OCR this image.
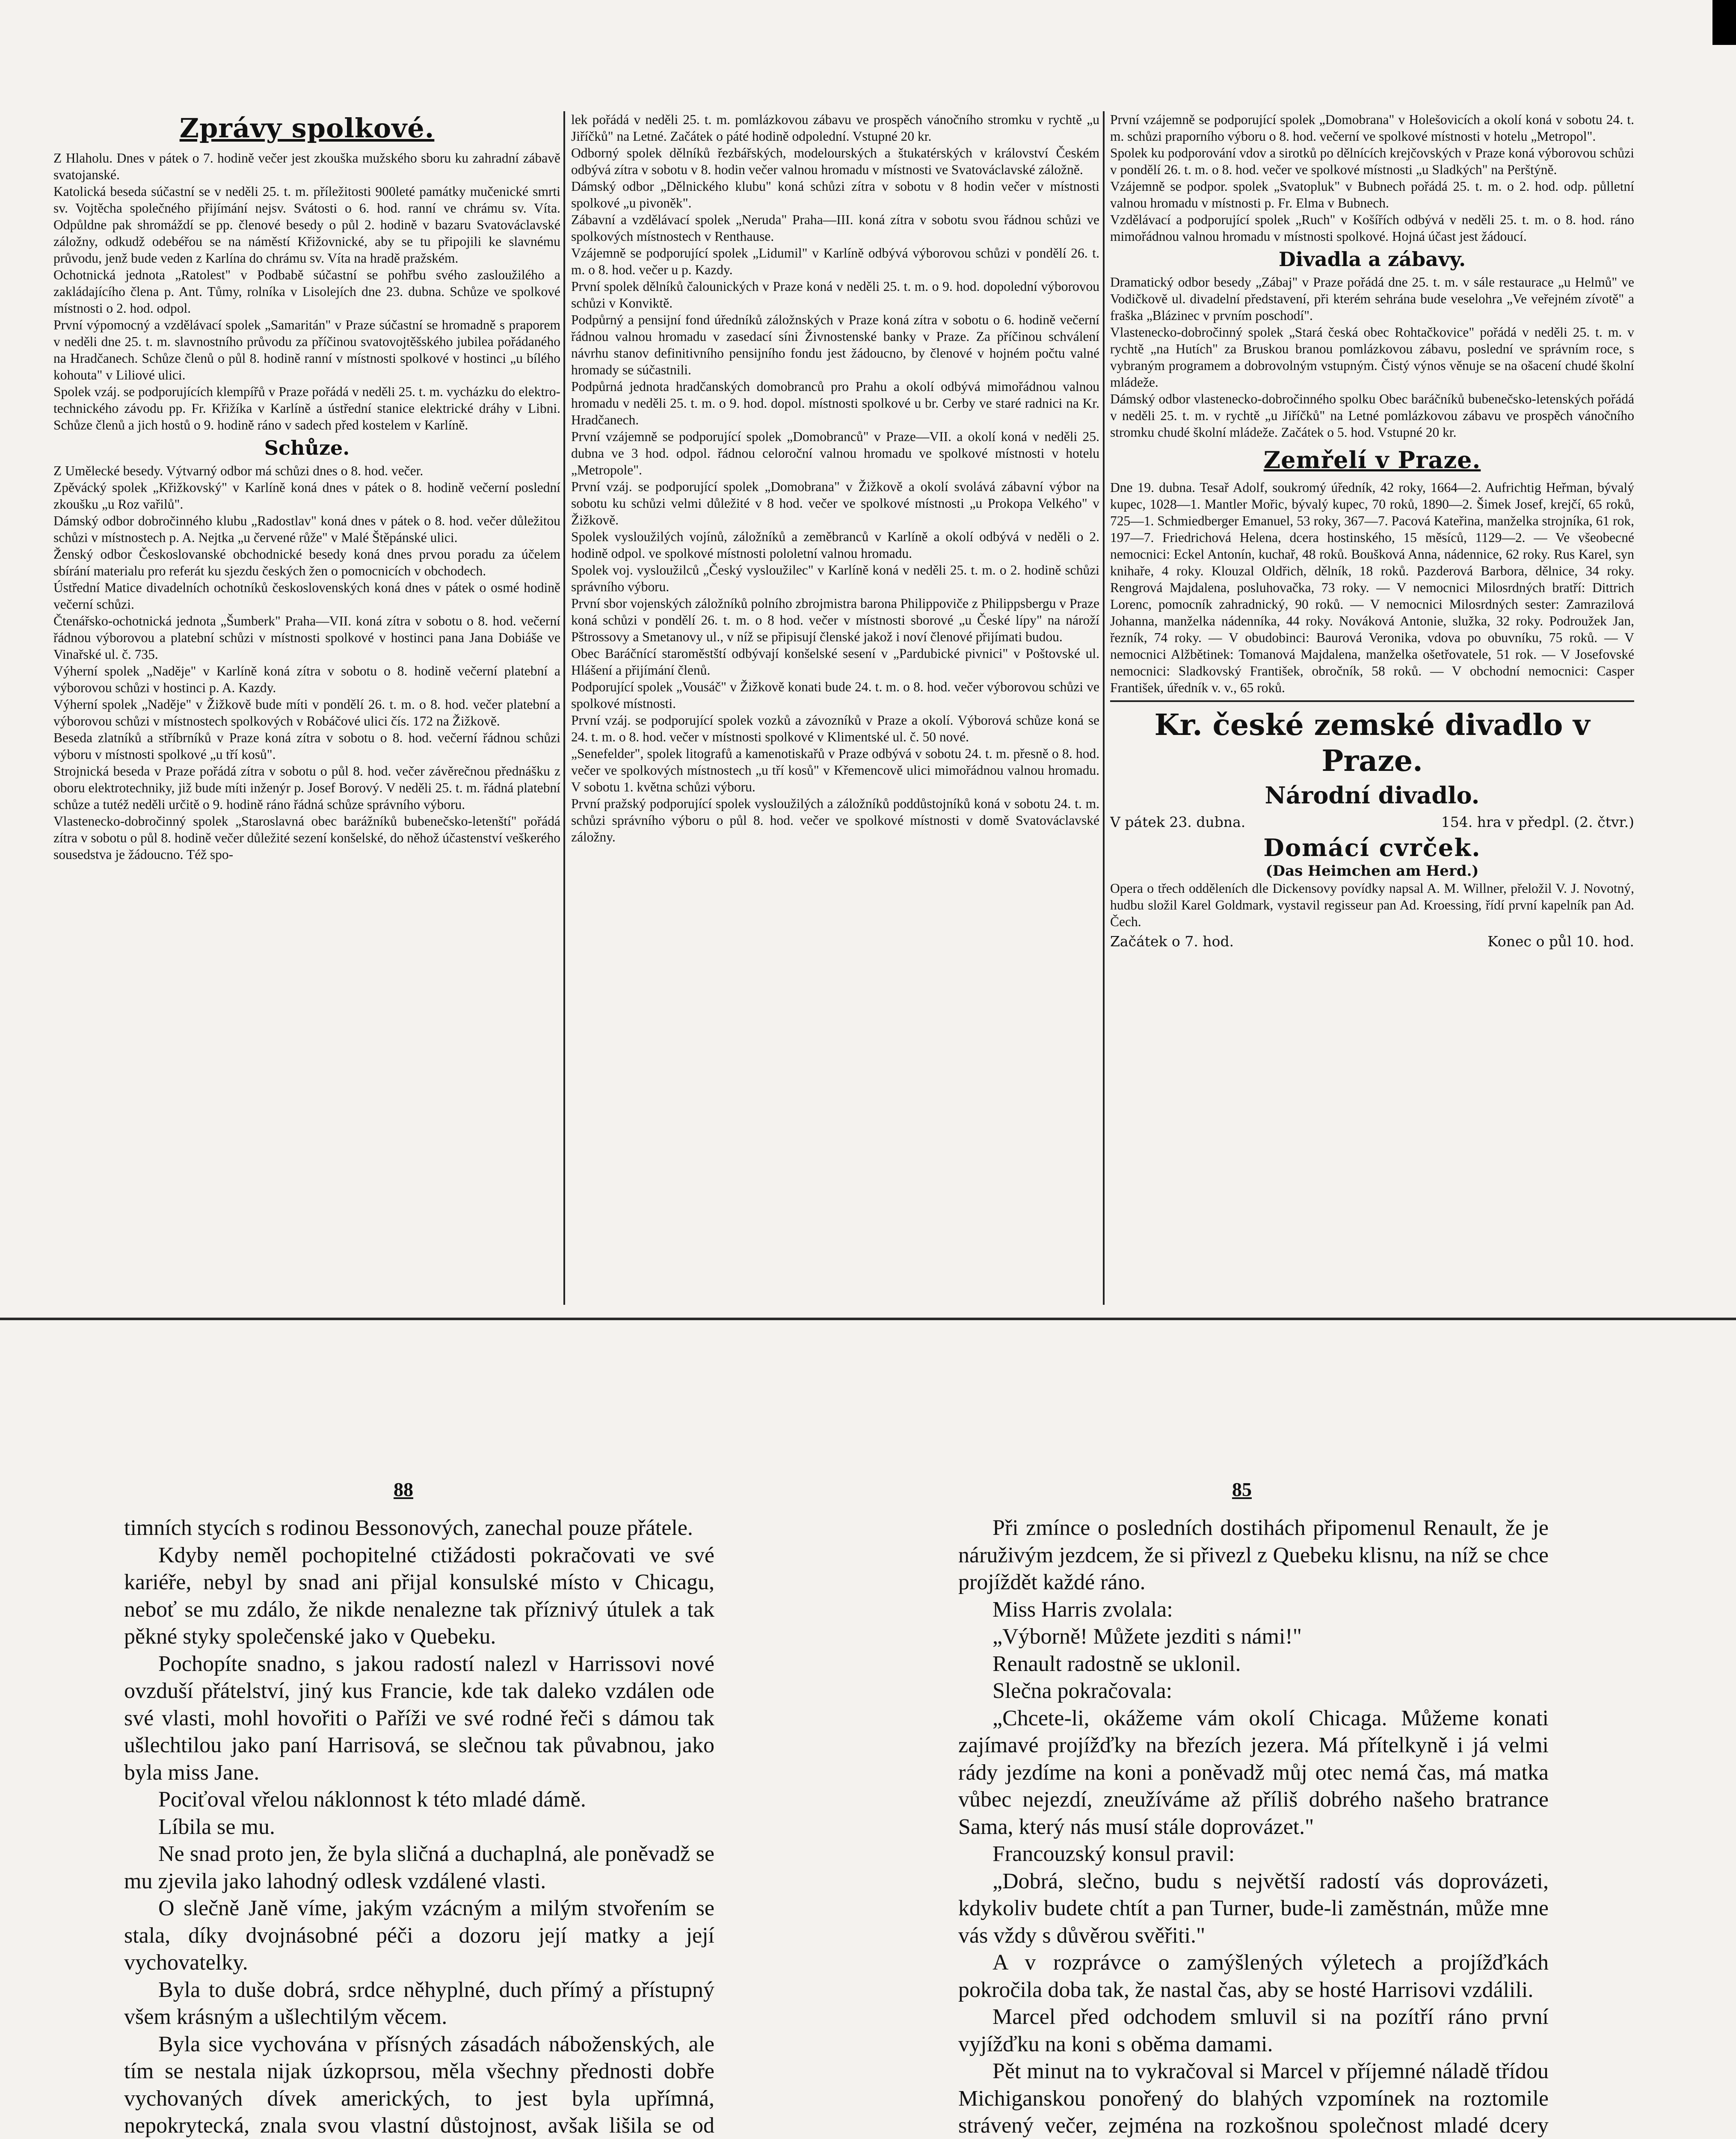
Zprávy spolkové.

Z Hlaholu. Dnes v pátek o 7. hodině večer jest zkouška mužského sboru ku zahradní zábavě svatojanské.

Katolická beseda súčastní se v neděli 25. t. m. příležitosti 900leté památky mučenické smrti sv. Vojtěcha společného přijímání nejsv. Svátosti o 6. hod. ranní ve chrámu sv. Víta. Odpůldne pak shromáždí se pp. členové besedy o půl 2. hodině v bazaru Svatováclavské záložny, odkudž odebéřou se na náměstí Křižovnické, aby se tu připojili ke slavnému průvodu, jenž bude veden z Karlína do chrámu sv. Víta na hradě pražském.

Ochotnická jednota „Ratolest" v Podbabě súčastní se pohřbu svého zasloužilého a zakládajícího člena p. Ant. Tůmy, rolníka v Lisolejích dne 23. dubna. Schůze ve spolkové místnosti o 2. hod. odpol.

První výpomocný a vzdělávací spolek „Samaritán" v Praze súčastní se hromadně s praporem v neděli dne 25. t. m. slavnostního průvodu za příčinou svatovojtěšského jubilea pořádaného na Hradčanech. Schůze členů o půl 8. hodině ranní v místnosti spolkové v hostinci „u bílého kohouta" v Liliové ulici.

Spolek vzáj. se podporujících klempířů v Praze pořádá v neděli 25. t. m. vycházku do elektro-technického závodu pp. Fr. Křižíka v Karlíně a ústřední stanice elektrické dráhy v Libni. Schůze členů a jich hostů o 9. hodině ráno v sadech před kostelem v Karlíně.

Schůze.

Z Umělecké besedy. Výtvarný odbor má schůzi dnes o 8. hod. večer.

Zpěvácký spolek „Křižkovský" v Karlíně koná dnes v pátek o 8. hodině večerní poslední zkoušku „u Roz vařilů".

Dámský odbor dobročinného klubu „Radostlav" koná dnes v pátek o 8. hod. večer důležitou schůzi v místnostech p. A. Nejtka „u červené růže" v Malé Štěpánské ulici.

Ženský odbor Českoslovanské obchodnické besedy koná dnes prvou poradu za účelem sbírání materialu pro referát ku sjezdu českých žen o pomocnicích v obchodech.

Ústřední Matice divadelních ochotníků československých koná dnes v pátek o osmé hodině večerní schůzi.

Čtenářsko-ochotnická jednota „Šumberk" Praha—VII. koná zítra v sobotu o 8. hod. večerní řádnou výborovou a platební schůzi v místnosti spolkové v hostinci pana Jana Dobiáše ve Vinařské ul. č. 735.

Výherní spolek „Naděje" v Karlíně koná zítra v sobotu o 8. hodině večerní platební a výborovou schůzi v hostinci p. A. Kazdy.

Výherní spolek „Naděje" v Žižkově bude míti v pondělí 26. t. m. o 8. hod. večer platební a výborovou schůzi v místnostech spolkových v Robáčové ulici čís. 172 na Žižkově.

Beseda zlatníků a stříbrníků v Praze koná zítra v sobotu o 8. hod. večerní řádnou schůzi výboru v místnosti spolkové „u tří kosů".

Strojnická beseda v Praze pořádá zítra v sobotu o půl 8. hod. večer závěrečnou přednášku z oboru elektrotechniky, již bude míti inženýr p. Josef Borový. V neděli 25. t. m. řádná platební schůze a tutéž neděli určitě o 9. hodině ráno řádná schůze správního výboru.

Vlastenecko-dobročinný spolek „Staroslavná obec barážníků bubenečsko-letenští" pořádá zítra v sobotu o půl 8. hodině večer důležité sezení konšelské, do něhož účastenství veškerého sousedstva je žádoucno. Též spo-

lek pořádá v neděli 25. t. m. pomlázkovou zábavu ve prospěch vánočního stromku v rychtě „u Jiříčků" na Letné. Začátek o páté hodině odpolední. Vstupné 20 kr.

Odborný spolek dělníků řezbářských, modelourských a štukatérských v království Českém odbývá zítra v sobotu v 8. hodin večer valnou hromadu v místnosti ve Svatováclavské záložně.

Dámský odbor „Dělnického klubu" koná schůzi zítra v sobotu v 8 hodin večer v místnosti spolkové „u pivoněk".

Zábavní a vzdělávací spolek „Neruda" Praha—III. koná zítra v sobotu svou řádnou schůzi ve spolkových místnostech v Renthause.

Vzájemně se podporující spolek „Lidumil" v Karlíně odbývá výborovou schůzi v pondělí 26. t. m. o 8. hod. večer u p. Kazdy.

První spolek dělníků čalounických v Praze koná v neděli 25. t. m. o 9. hod. dopolední výborovou schůzi v Konviktě.

Podpůrný a pensijní fond úředníků záložnských v Praze koná zítra v sobotu o 6. hodině večerní řádnou valnou hromadu v zasedací síni Živnostenské banky v Praze. Za příčinou schválení návrhu stanov definitivního pensijního fondu jest žádoucno, by členové v hojném počtu valné hromady se súčastnili.

Podpůrná jednota hradčanských domobranců pro Prahu a okolí odbývá mimořádnou valnou hromadu v neděli 25. t. m. o 9. hod. dopol. místnosti spolkové u br. Cerby ve staré radnici na Kr. Hradčanech.

První vzájemně se podporující spolek „Domobranců" v Praze—VII. a okolí koná v neděli 25. dubna ve 3 hod. odpol. řádnou celoroční valnou hromadu ve spolkové místnosti v hotelu „Metropole".

První vzáj. se podporující spolek „Domobrana" v Žižkově a okolí svolává zábavní výbor na sobotu ku schůzi velmi důležité v 8 hod. večer ve spolkové místnosti „u Prokopa Velkého" v Žižkově.

Spolek vysloužilých vojínů, záložníků a zeměbranců v Karlíně a okolí odbývá v neděli o 2. hodině odpol. ve spolkové místnosti pololetní valnou hromadu.

Spolek voj. vysloužilců „Český vysloužilec" v Karlíně koná v neděli 25. t. m. o 2. hodině schůzi správního výboru.

První sbor vojenských záložníků polního zbrojmistra barona Philippoviče z Philippsbergu v Praze koná schůzi v pondělí 26. t. m. o 8 hod. večer v místnosti sborové „u České lípy" na nároží Pštrossovy a Smetanovy ul., v níž se připisují členské jakož i noví členové přijímati budou.

Obec Baráčnící staroměstští odbývají konšelské sesení v „Pardubické pivnici" v Poštovské ul. Hlášení a přijímání členů.

Podporující spolek „Vousáč" v Žižkově konati bude 24. t. m. o 8. hod. večer výborovou schůzi ve spolkové místnosti.

První vzáj. se podporující spolek vozků a závozníků v Praze a okolí. Výborová schůze koná se 24. t. m. o 8. hod. večer v místnosti spolkové v Klimentské ul. č. 50 nové.

„Senefelder", spolek litografů a kamenotiskařů v Praze odbývá v sobotu 24. t. m. přesně o 8. hod. večer ve spolkových místnostech „u tří kosů" v Křemencově ulici mimořádnou valnou hromadu. V sobotu 1. května schůzi výboru.

První pražský podporující spolek vysloužilých a záložníků poddůstojníků koná v sobotu 24. t. m. schůzi správního výboru o půl 8. hod. večer ve spolkové místnosti v domě Svatováclavské záložny.

První vzájemně se podporující spolek „Domobrana" v Holešovicích a okolí koná v sobotu 24. t. m. schůzi praporního výboru o 8. hod. večerní ve spolkové místnosti v hotelu „Metropol".

Spolek ku podporování vdov a sirotků po dělnících krejčovských v Praze koná výborovou schůzi v pondělí 26. t. m. o 8. hod. večer ve spolkové místnosti „u Sladkých" na Perštýně.

Vzájemně se podpor. spolek „Svatopluk" v Bubnech pořádá 25. t. m. o 2. hod. odp. půlletní valnou hromadu v místnosti p. Fr. Elma v Bubnech.

Vzdělávací a podporující spolek „Ruch" v Košířích odbývá v neděli 25. t. m. o 8. hod. ráno mimořádnou valnou hromadu v místnosti spolkové. Hojná účast jest žádoucí.

Divadla a zábavy.

Dramatický odbor besedy „Zábaj" v Praze pořádá dne 25. t. m. v sále restaurace „u Helmů" ve Vodičkově ul. divadelní představení, při kterém sehrána bude veselohra „Ve veřejném zívotě" a fraška „Blázinec v prvním poschodí".

Vlastenecko-dobročinný spolek „Stará česká obec Rohtačkovice" pořádá v neděli 25. t. m. v rychtě „na Hutích" za Bruskou branou pomlázkovou zábavu, poslední ve správním roce, s vybraným programem a dobrovolným vstupným. Čistý výnos věnuje se na ošacení chudé školní mládeže.

Dámský odbor vlastenecko-dobročinného spolku Obec baráčníků bubenečsko-letenských pořádá v neděli 25. t. m. v rychtě „u Jiříčků" na Letné pomlázkovou zábavu ve prospěch vánočního stromku chudé školní mládeže. Začátek o 5. hod. Vstupné 20 kr.

Zemřelí v Praze.

Dne 19. dubna. Tesař Adolf, soukromý úředník, 42 roky, 1664—2. Aufrichtig Heřman, bývalý kupec, 1028—1. Mantler Mořic, bývalý kupec, 70 roků, 1890—2. Šimek Josef, krejčí, 65 roků, 725—1. Schmiedberger Emanuel, 53 roky, 367—7. Pacová Kateřina, manželka strojníka, 61 rok, 197—7. Friedrichová Helena, dcera hostinského, 15 měsíců, 1129—2. — Ve všeobecné nemocnici: Eckel Antonín, kuchař, 48 roků. Boušková Anna, nádennice, 62 roky. Rus Karel, syn knihaře, 4 roky. Klouzal Oldřich, dělník, 18 roků. Pazderová Barbora, dělnice, 34 roky. Rengrová Majdalena, posluhovačka, 73 roky. — V nemocnici Milosrdných bratří: Dittrich Lorenc, pomocník zahradnický, 90 roků. — V nemocnici Milosrdných sester: Zamrazilová Johanna, manželka nádenníka, 44 roky. Nováková Antonie, služka, 32 roky. Podroužek Jan, řezník, 74 roky. — V obudobinci: Baurová Veronika, vdova po obuvníku, 75 roků. — V nemocnici Alžbětinek: Tomanová Majdalena, manželka ošetřovatele, 51 rok. — V Josefovské nemocnici: Sladkovský František, obročník, 58 roků. — V obchodní nemocnici: Casper František, úředník v. v., 65 roků.

Kr. české zemské divadlo v Praze.
Národní divadlo.
V pátek 23. dubna.	154. hra v předpl. (2. čtvr.)
Domácí cvrček.
(Das Heimchen am Herd.)

Opera o třech odděleních dle Dickensovy povídky napsal A. M. Willner, přeložil V. J. Novotný, hudbu složil Karel Goldmark, vystavil regisseur pan Ad. Kroessing, řídí první kapelník pan Ad. Čech.

Začátek o 7. hod.	Konec o půl 10. hod.
88	85

timních stycích s rodinou Bessonových, zanechal pouze přátele.

Kdyby neměl pochopitelné ctižádosti pokračovati ve své kariéře, nebyl by snad ani přijal konsulské místo v Chicagu, neboť se mu zdálo, že nikde nenalezne tak příznivý útulek a tak pěkné styky společenské jako v Quebeku.

Pochopíte snadno, s jakou radostí nalezl v Harrissovi nové ovzduší přátelství, jiný kus Francie, kde tak daleko vzdálen ode své vlasti, mohl hovořiti o Paříži ve své rodné řeči s dámou tak ušlechtilou jako paní Harrisová, se slečnou tak půvabnou, jako byla miss Jane.

Pociťoval vřelou náklonnost k této mladé dámě.

Líbila se mu.

Ne snad proto jen, že byla sličná a duchaplná, ale poněvadž se mu zjevila jako lahodný odlesk vzdálené vlasti.

O slečně Janě víme, jakým vzácným a milým stvořením se stala, díky dvojnásobné péči a dozoru její matky a její vychovatelky.

Byla to duše dobrá, srdce něhyplné, duch přímý a přístupný všem krásným a ušlechtilým věcem.

Byla sice vychována v přísných zásadách náboženských, ale tím se nestala nijak úzkoprsou, měla všechny přednosti dobře vychovaných dívek amerických, to jest byla upřímná, nepokrytecká, znala svou vlastní důstojnost, avšak lišila se od

Při zmínce o posledních dostihách připomenul Renault, že je náruživým jezdcem, že si přivezl z Quebeku klisnu, na níž se chce projíždět každé ráno.

Miss Harris zvolala:

„Výborně! Můžete jezditi s námi!"

Renault radostně se uklonil.

Slečna pokračovala:

„Chcete-li, okážeme vám okolí Chicaga. Můžeme konati zajímavé projížďky na březích jezera. Má přítelkyně i já velmi rády jezdíme na koni a poněvadž můj otec nemá čas, má matka vůbec nejezdí, zneužíváme až příliš dobrého našeho bratrance Sama, který nás musí stále doprovázet."

Francouzský konsul pravil:

„Dobrá, slečno, budu s největší radostí vás doprovázeti, kdykoliv budete chtít a pan Turner, bude-li zaměstnán, může mne vás vždy s důvěrou svěřiti."

A v rozprávce o zamýšlených výletech a projížďkách pokročila doba tak, že nastal čas, aby se hosté Harrisovi vzdálili.

Marcel před odchodem smluvil si na pozítří ráno první vyjížďku na koni s oběma damami.

Pět minut na to vykračoval si Marcel v příjemné náladě třídou Michiganskou ponořený do blahých vzpomínek na roztomile strávený večer, zejména na rozkošnou společnost mladé dcery
